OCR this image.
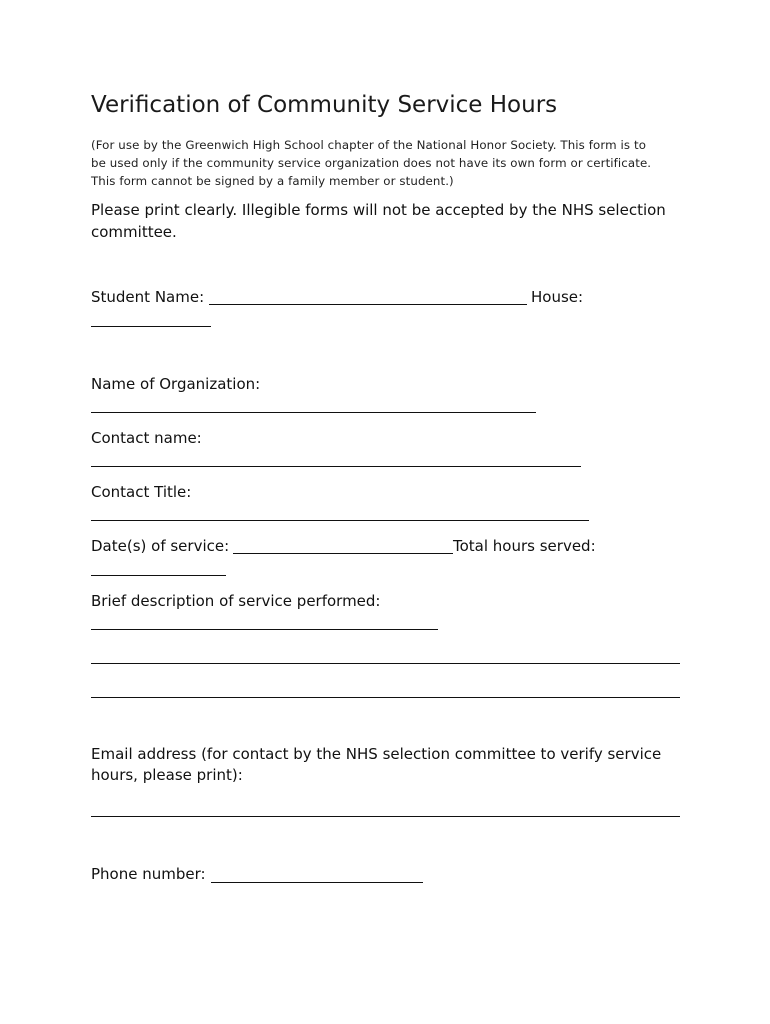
Verification of Community Service Hours
(For use by the Greenwich High School chapter of the National Honor Society. This form is to
be used only if the community service organization does not have its own form or certificate.
This form cannot be signed by a family member or student.)
Please print clearly. Illegible forms will not be accepted by the NHS selection
committee.
Student Name:	House:
Name of Organization:
Contact name:
Contact Title:
Date(s) of service:	Total hours served:
Brief description of service performed:
Email address (for contact by the NHS selection committee to verify service
hours, please print):
Phone number:
